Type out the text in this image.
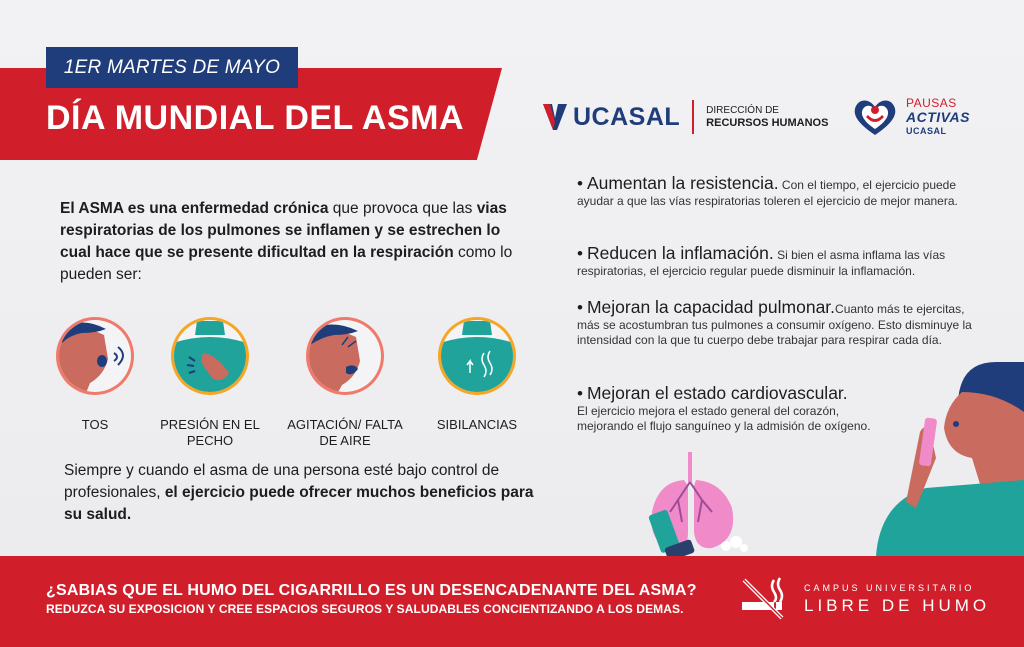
1ER MARTES DE MAYO
DÍA MUNDIAL DEL ASMA	UCASAL	DIRECCIÓN DE
RECURSOS HUMANOS
PAUSAS
ACTIVAS
UCASAL
El ASMA es una enfermedad crónica que provoca que las vias respiratorias de los pulmones se inflamen y se estrechen lo cual hace que se presente dificultad en la respiración como lo pueden ser:
TOS	PRESIÓN EN EL PECHO
AGITACIÓN/ FALTA DE AIRE
SIBILANCIAS
Siempre y cuando el asma de una persona esté bajo control de profesionales, el ejercicio puede ofrecer muchos beneficios para su salud.
• Aumentan la resistencia. Con el tiempo, el ejercicio puede ayudar a que las vías respiratorias toleren el ejercicio de mejor manera.
• Reducen la inflamación. Si bien el asma inflama las vías respiratorias, el ejercicio regular puede disminuir la inflamación.
• Mejoran la capacidad pulmonar.Cuanto más te ejercitas, más se acostumbran tus pulmones a consumir oxígeno. Esto disminuye la intensidad con la que tu cuerpo debe trabajar para respirar cada día.
• Mejoran el estado cardiovascular.
El ejercicio mejora el estado general del corazón, mejorando el flujo sanguíneo y la admisión de oxígeno.
¿SABIAS QUE EL HUMO DEL CIGARRILLO ES UN DESENCADENANTE DEL ASMA?
REDUZCA SU EXPOSICION Y CREE ESPACIOS SEGUROS Y SALUDABLES CONCIENTIZANDO A LOS DEMAS.
CAMPUS UNIVERSITARIO
LIBRE DE HUMO
